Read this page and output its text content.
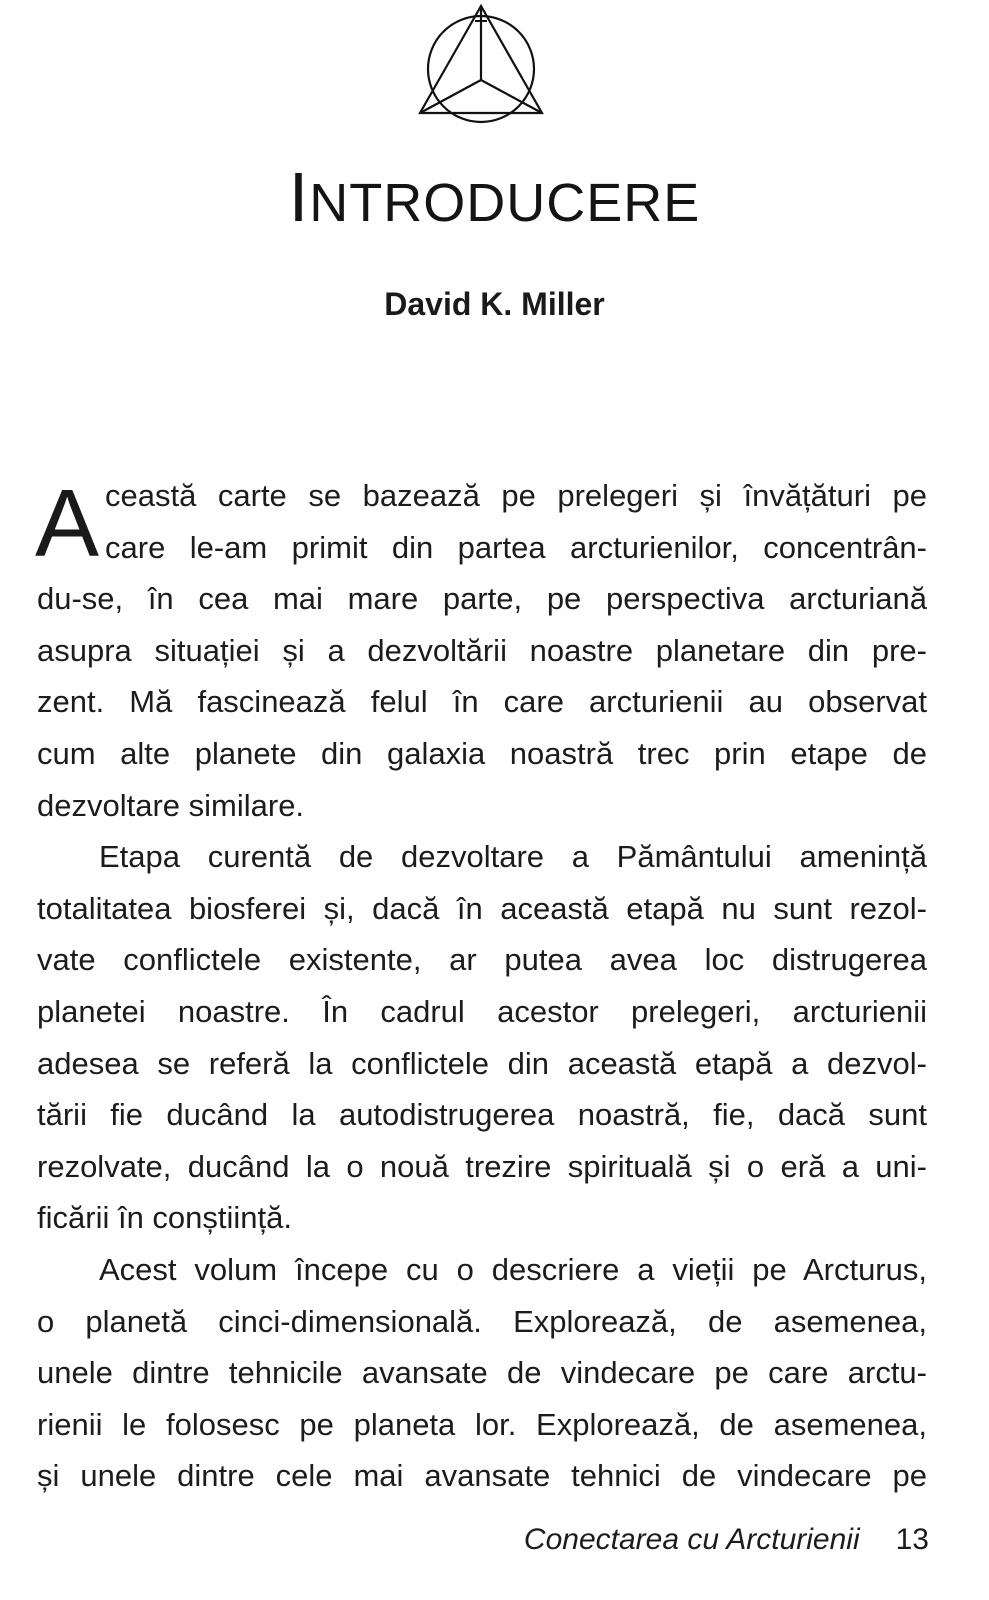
INTRODUCERE
David K. Miller
A ceastă carte se bazează pe prelegeri și învățături pe
care le-am primit din partea arcturienilor, concentrân-
du-se, în cea mai mare parte, pe perspectiva arcturiană
asupra situației și a dezvoltării noastre planetare din pre-
zent. Mă fascinează felul în care arcturienii au observat
cum alte planete din galaxia noastră trec prin etape de
dezvoltare similare.
Etapa curentă de dezvoltare a Pământului amenință
totalitatea biosferei și, dacă în această etapă nu sunt rezol-
vate conflictele existente, ar putea avea loc distrugerea
planetei noastre. În cadrul acestor prelegeri, arcturienii
adesea se referă la conflictele din această etapă a dezvol-
tării fie ducând la autodistrugerea noastră, fie, dacă sunt
rezolvate, ducând la o nouă trezire spirituală și o eră a uni-
ficării în conștiință.
Acest volum începe cu o descriere a vieții pe Arcturus,
o planetă cinci-dimensională. Explorează, de asemenea,
unele dintre tehnicile avansate de vindecare pe care arctu-
rienii le folosesc pe planeta lor. Explorează, de asemenea,
și unele dintre cele mai avansate tehnici de vindecare pe
Conectarea cu Arcturienii 13
